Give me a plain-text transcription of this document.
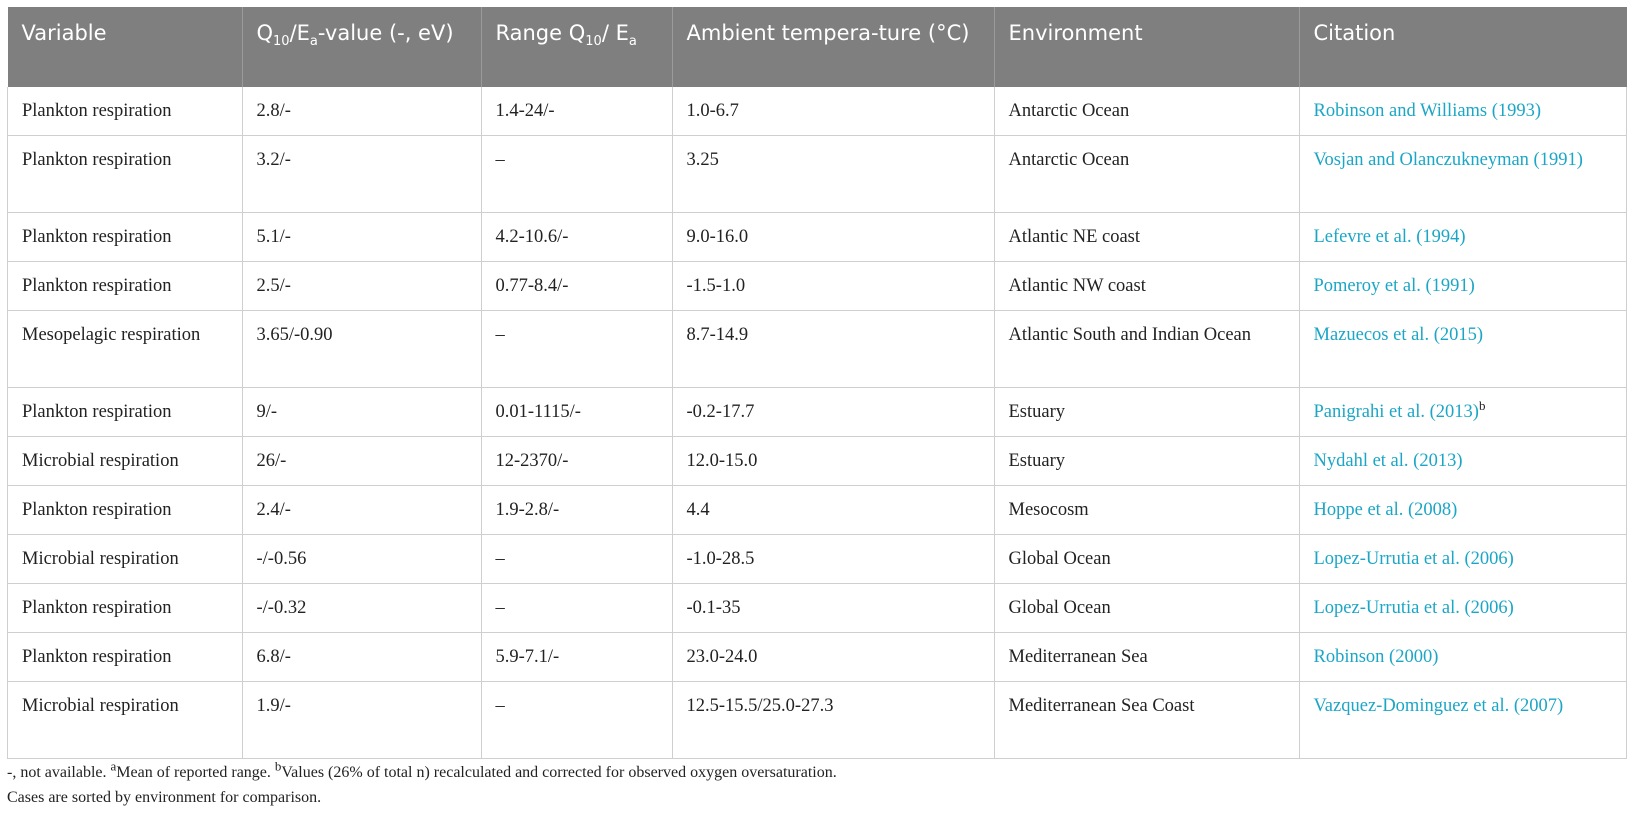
Variable	$Q_{10}/E_a$-value (-, eV)	Range $Q_{10}/$ $E_a$	Ambient tempera-ture (°C)	Environment	Citation
Plankton respiration	2.8/-	1.4-24/-	1.0-6.7	Antarctic Ocean	Robinson and Williams (1993)
Plankton respiration	3.2/-	–	3.25	Antarctic Ocean	Vosjan and Olanczukneyman (1991)
Plankton respiration	5.1/-	4.2-10.6/-	9.0-16.0	Atlantic NE coast	Lefevre et al. (1994)
Plankton respiration	2.5/-	0.77-8.4/-	-1.5-1.0	Atlantic NW coast	Pomeroy et al. (1991)
Mesopelagic respiration	3.65/-0.90	–	8.7-14.9	Atlantic South and Indian Ocean	Mazuecos et al. (2015)
Plankton respiration	9/-	0.01-1115/-	-0.2-17.7	Estuary	Panigrahi et al. $(2013)^b$
Microbial respiration	26/-	12-2370/-	12.0-15.0	Estuary	Nydahl et al. (2013)
Plankton respiration	2.4/-	1.9-2.8/-	4.4	Mesocosm	Hoppe et al. (2008)
Microbial respiration	-/-0.56	–	-1.0-28.5	Global Ocean	Lopez-Urrutia et al. (2006)
Plankton respiration	-/-0.32	–	-0.1-35	Global Ocean	Lopez-Urrutia et al. (2006)
Plankton respiration	6.8/-	5.9-7.1/-	23.0-24.0	Mediterranean Sea	Robinson (2000)
Microbial respiration	1.9/-	–	12.5-15.5/25.0-27.3	Mediterranean Sea Coast	Vazquez-Dominguez et al. (2007)

-, not available. $^a$Mean of reported range. $^b$Values (26% of total n) recalculated and corrected for observed oxygen oversaturation.

Cases are sorted by environment for comparison.
